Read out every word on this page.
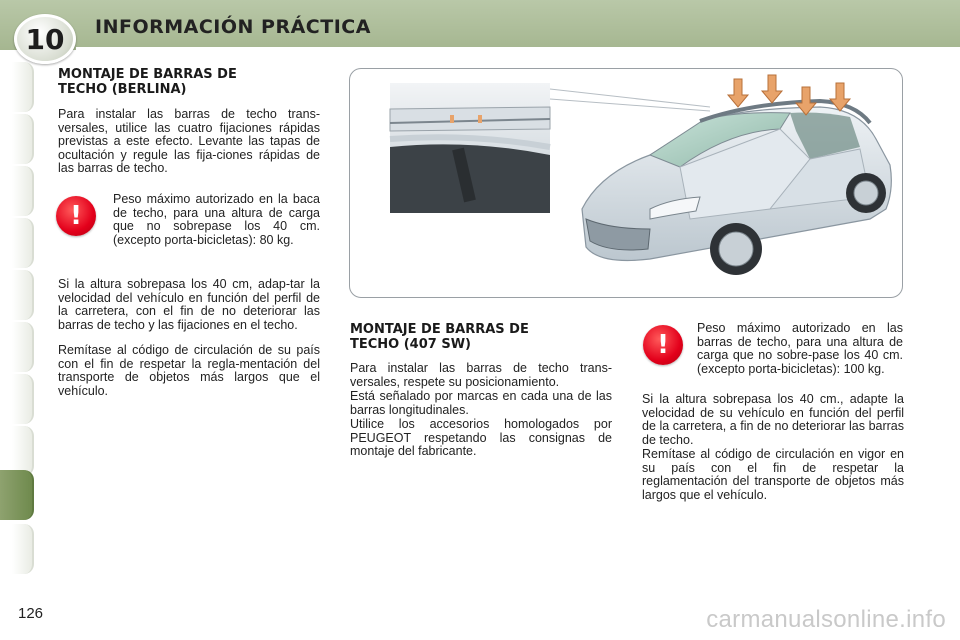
10	INFORMACIÓN PRÁCTICA
MONTAJE DE BARRAS DE
TECHO (BERLINA)

Para instalar las barras de techo trans-versales, utilice las cuatro fijaciones rápidas previstas a este efecto. Levante las tapas de ocultación y regule las fija-ciones rápidas de las barras de techo.

!

Peso máximo autorizado en la baca de techo, para una altura de carga que no sobrepase los 40 cm. (excepto porta-bicicletas): 80 kg.

Si la altura sobrepasa los 40 cm, adap-tar la velocidad del vehículo en función del perfil de la carretera, con el fin de no deteriorar las barras de techo y las fijaciones en el techo.

Remítase al código de circulación de su país con el fin de respetar la regla-mentación del transporte de objetos más largos que el vehículo.

MONTAJE DE BARRAS DE
TECHO (407 SW)

Para instalar las barras de techo trans-versales, respete su posicionamiento.

Está señalado por marcas en cada una de las barras longitudinales.

Utilice los accesorios homologados por PEUGEOT respetando las consignas de montaje del fabricante.

!

Peso máximo autorizado en las barras de techo, para una altura de carga que no sobre-pase los 40 cm. (excepto porta-bicicletas): 100 kg.

Si la altura sobrepasa los 40 cm., adapte la velocidad de su vehículo en función del perfil de la carretera, a fin de no deteriorar las barras de techo.

Remítase al código de circulación en vigor en su país con el fin de respetar la reglamentación del transporte de objetos más largos que el vehículo.

126	carmanualsonline.info
